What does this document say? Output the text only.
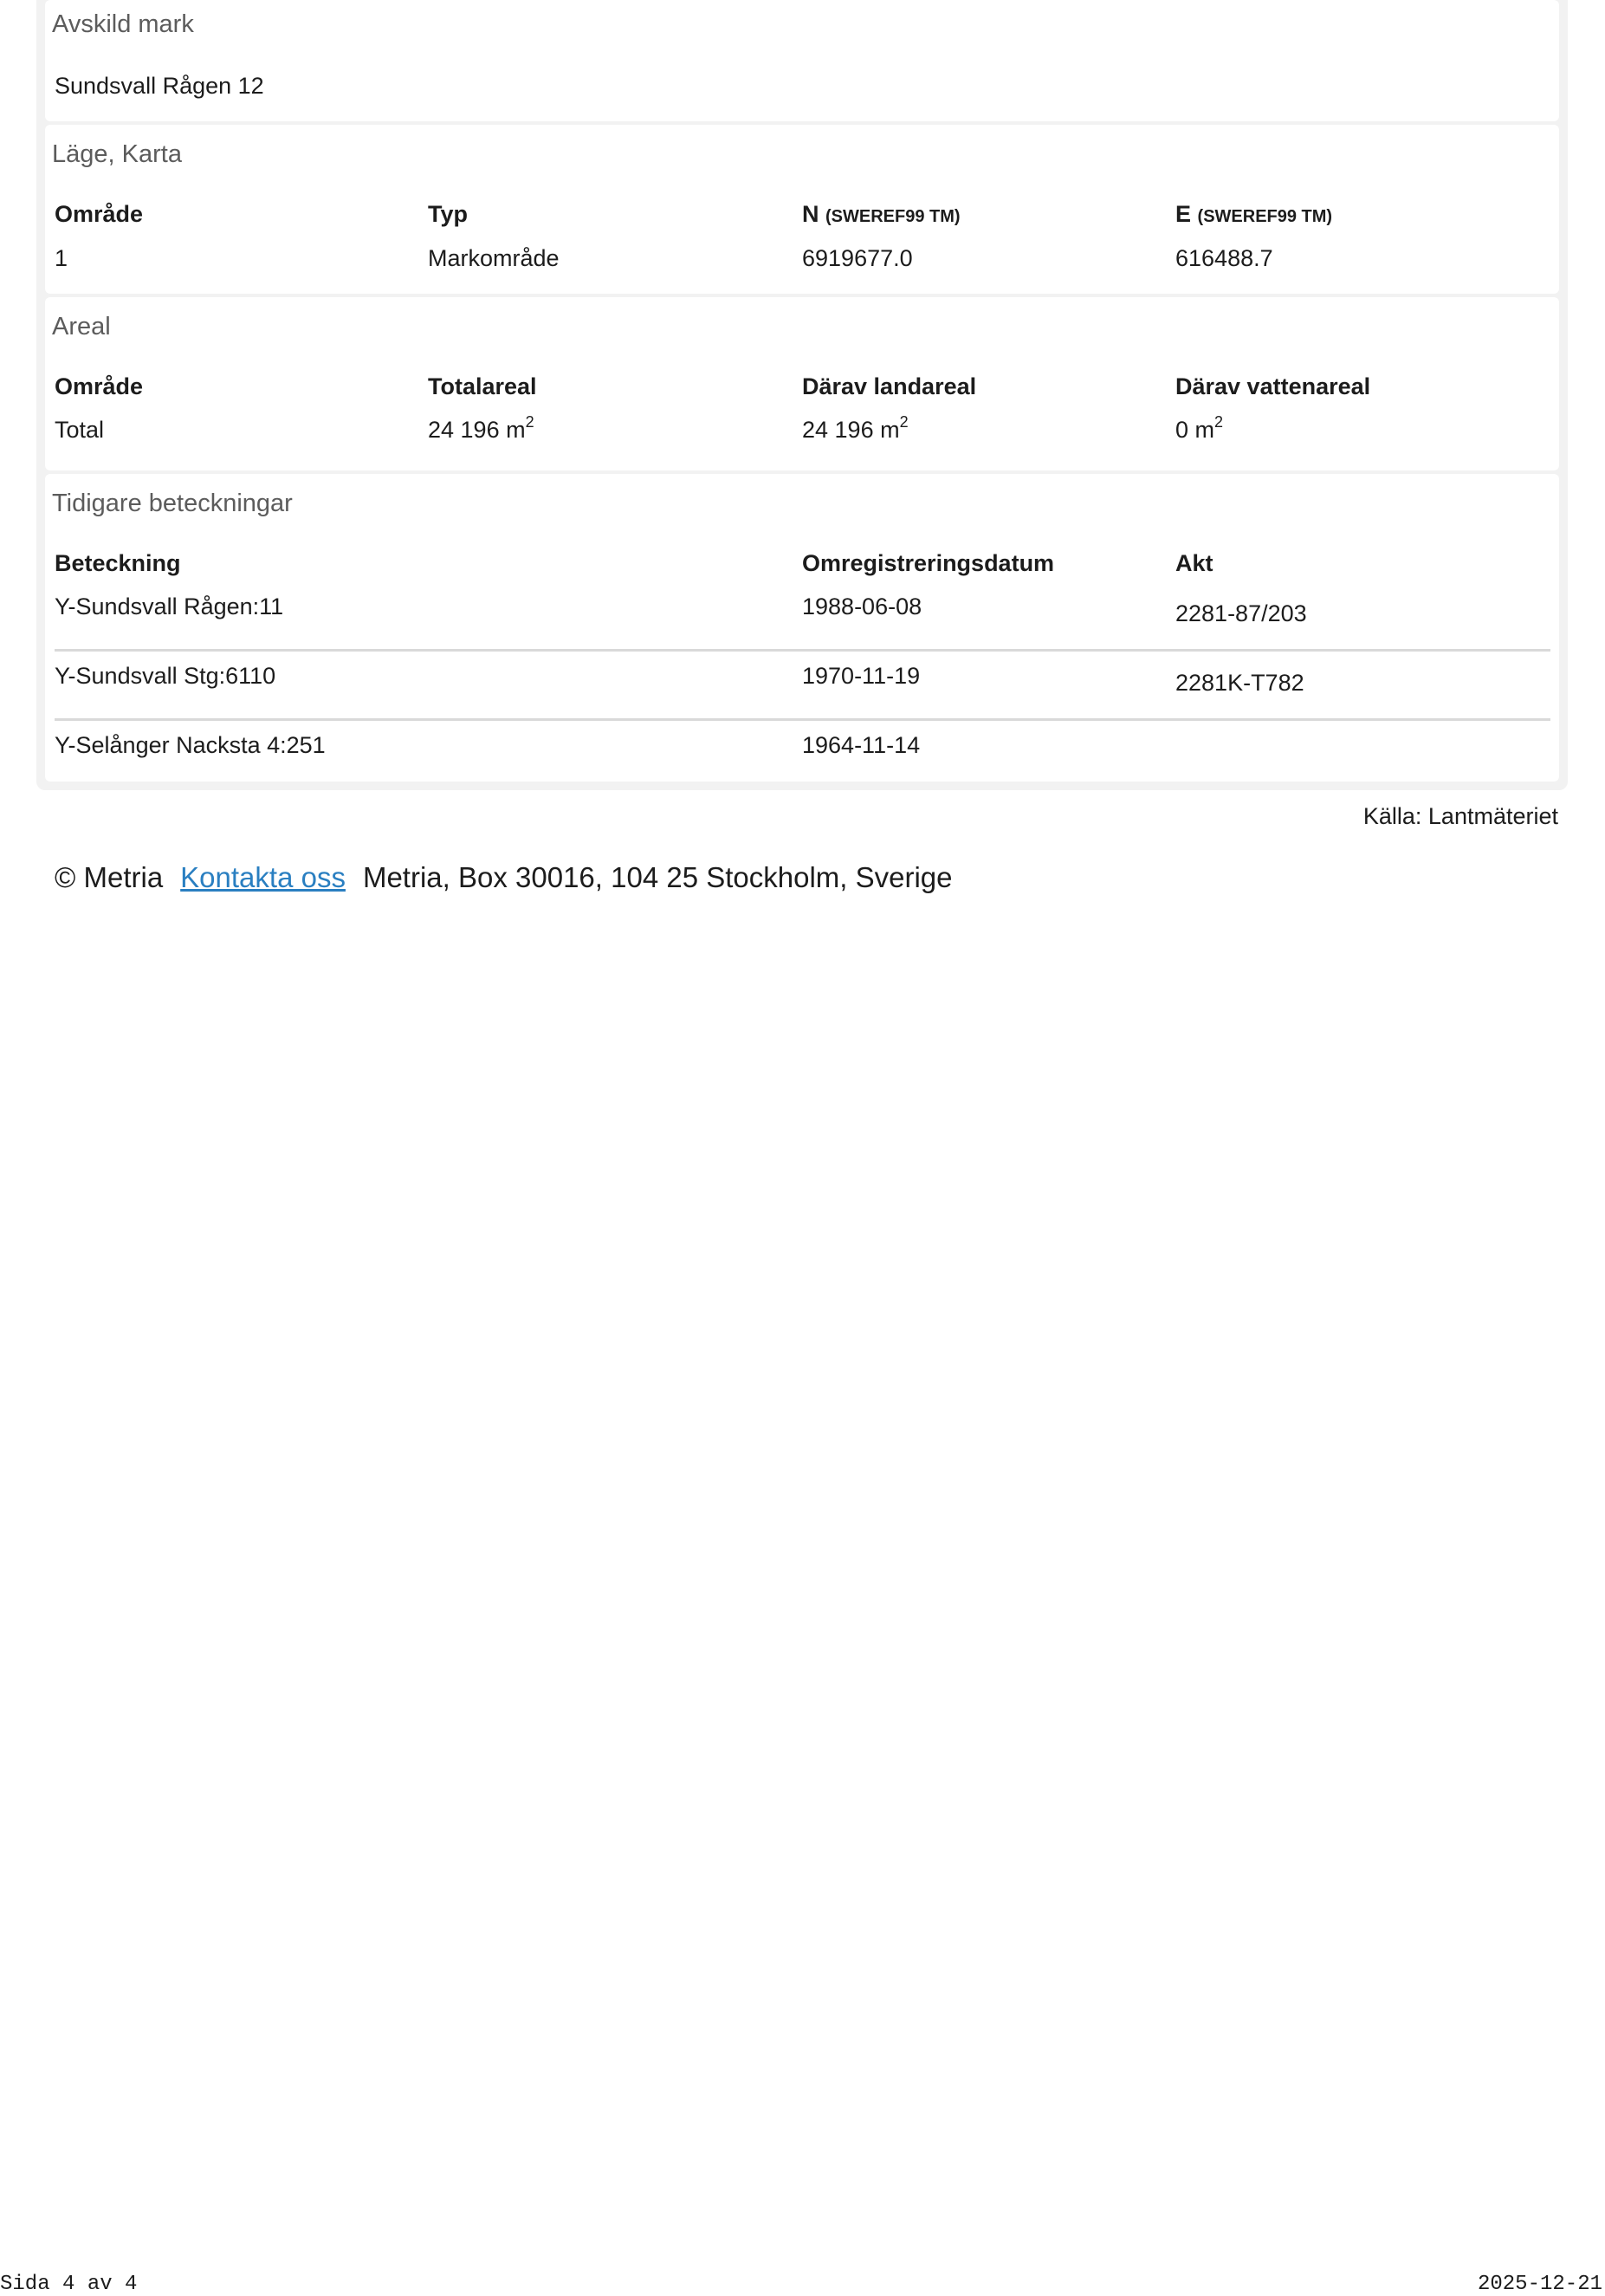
Avskild mark
Sundsvall Rågen 12
Läge, Karta
Område	Typ	N (SWEREF99 TM)	E (SWEREF99 TM)
1	Markområde	6919677.0	616488.7
Areal
Område	Totalareal	Därav landareal	Därav vattenareal
Total	24 196 $m^2$	24 196 $m^2$	0 $m^2$
Tidigare beteckningar
Beteckning	Omregistreringsdatum	Akt
Y-Sundsvall Rågen:11	1988-06-08	2281-87/203
Y-Sundsvall Stg:6110	1970-11-19	2281K-T782
Y-Selånger Nacksta 4:251	1964-11-14
Källa: Lantmäteriet
© Metria Kontakta oss Metria, Box 30016, 104 25 Stockholm, Sverige
Sida 4 av 4	2025-12-21
